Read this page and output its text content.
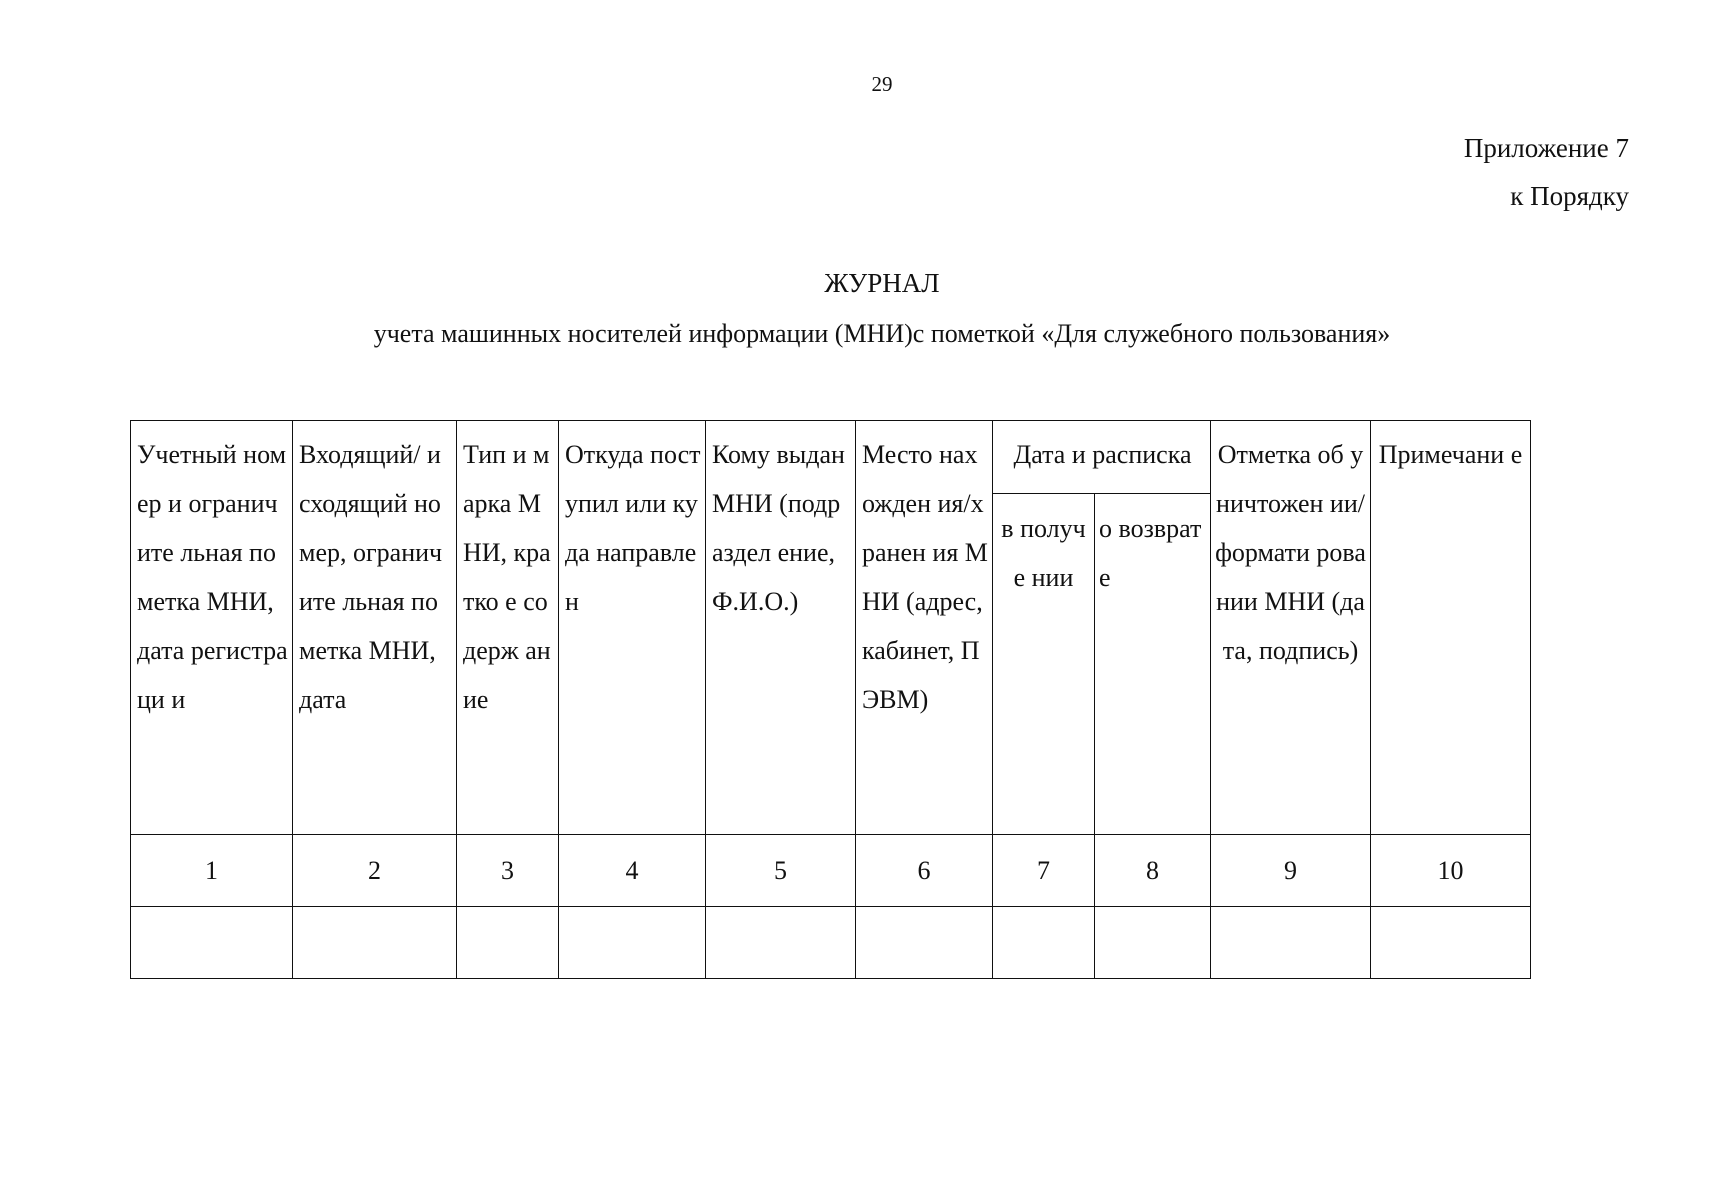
29
Приложение 7
к Порядку
ЖУРНАЛ
учета машинных носителей информации (МНИ)с пометкой «Для служебного пользования»
Учетный номер и ограничите льная пометка МНИ, дата регистраци и	Входящий/ исходящий номер, ограничите льная пометка МНИ, дата	Тип и марка МНИ, кратко е содерж ание	Откуда поступил или куда направлен	Кому выдан МНИ (подраздел ение, Ф.И.О.)	Место нахожден ия/хранен ия МНИ (адрес, кабинет, ПЭВМ)	Дата и расписка		Отметка об уничтожен ии/формати ровании МНИ (дата, подпись)	Примечани е

						в получе нии	о возврат е		

1	2	3	4	5	6	7	8	9	10
